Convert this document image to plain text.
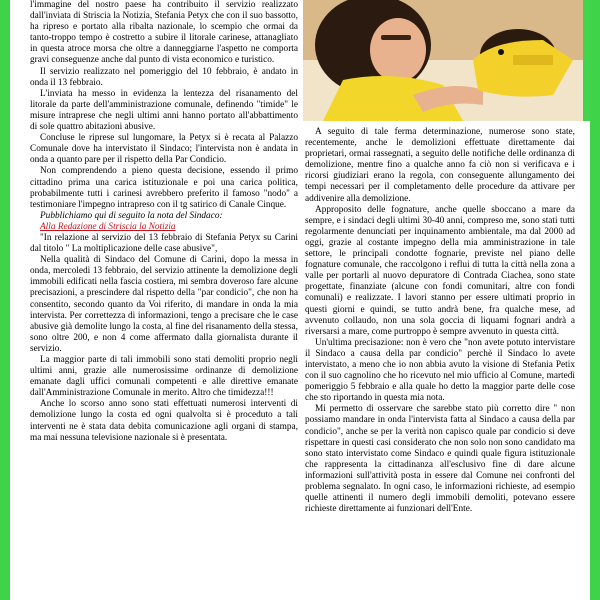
l'immagine del nostro paese ha contribuito il servizio realizzato dall'inviata di Striscia la Notizia, Stefania Petyx che con il suo bassotto, ha ripreso e portato alla ribalta nazionale, lo scempio che ormai da tanto-troppo tempo è costretto a subire il litorale carinese, attanagliato in questa atroce morsa che oltre a danneggiarne l'aspetto ne comporta gravi conseguenze anche dal punto di vista economico e turistico.

Il servizio realizzato nel pomeriggio del 10 febbraio, è andato in onda il 13 febbraio.

L'inviata ha messo in evidenza la lentezza del risanamento del litorale da parte dell'amministrazione comunale, definendo "timide" le misure intraprese che negli ultimi anni hanno portato all'abbattimento di sole quattro abitazioni abusive.

Concluse le riprese sul lungomare, la Petyx si è recata al Palazzo Comunale dove ha intervistato il Sindaco; l'intervista non è andata in onda a quanto pare per il rispetto della Par Condicio.

Non comprendendo a pieno questa decisione, essendo il primo cittadino prima una carica istituzionale e poi una carica politica, probabilmente tutti i carinesi avrebbero preferito il famoso "nodo" a testimoniare l'impegno intrapreso con il tg satirico di Canale Cinque.

Pubblichiamo qui di seguito la nota del Sindaco:

Alla Redazione di Striscia la Notizia

"In relazione al servizio del 13 febbraio di Stefania Petyx su Carini dal titolo " La moltiplicazione delle case abusive",

Nella qualità di Sindaco del Comune di Carini, dopo la messa in onda, mercoledì 13 febbraio, del servizio attinente la demolizione degli immobili edificati nella fascia costiera, mi sembra doveroso fare alcune precisazioni, a prescindere dal rispetto della "par condicio", che non ha consentito, secondo quanto da Voi riferito, di mandare in onda la mia intervista. Per correttezza di informazioni, tengo a precisare che le case abusive già demolite lungo la costa, al fine del risanamento della stessa, sono oltre 200, e non 4 come affermato dalla giornalista durante il servizio.

La maggior parte di tali immobili sono stati demoliti proprio negli ultimi anni, grazie alle numerosissime ordinanze di demolizione emanate dagli uffici comunali competenti e alle direttive emanate dall'Amministrazione Comunale in merito. Altro che timidezza!!!

Anche lo scorso anno sono stati effettuati numerosi interventi di demolizione lungo la costa ed ogni qualvolta si è proceduto a tali interventi ne è stata data debita comunicazione agli organi di stampa, ma mai nessuna televisione nazionale si è presentata.

A seguito di tale ferma determinazione, numerose sono state, recentemente, anche le demolizioni effettuate direttamente dai proprietari, ormai rassegnati, a seguito delle notifiche delle ordinanza di demolizione, mentre fino a qualche anno fa ciò non si verificava e i ricorsi giudiziari erano la regola, con conseguente allungamento dei tempi necessari per il completamento delle procedure da attivare per addivenire alla demolizione.

Approposito delle fognature, anche quelle sboccano a mare da sempre, e i sindaci degli ultimi 30-40 anni, compreso me, sono stati tutti regolarmente denunciati per inquinamento ambientale, ma dal 2000 ad oggi, grazie al costante impegno della mia amministrazione in tale settore, le principali condotte fognarie, previste nel piano delle fognature comunale, che raccolgono i reflui di tutta la città nella zona a valle per portarli al nuovo depuratore di Contrada Ciachea, sono state progettate, finanziate (alcune con fondi comunitari, altre con fondi comunali) e realizzate. I lavori stanno per essere ultimati proprio in questi giorni e quindi, se tutto andrà bene, fra qualche mese, ad avvenuto collaudo, non una sola goccia di liquami fognari andrà a riversarsi a mare, come purtroppo è sempre avvenuto in questa città.

Un'ultima precisazione: non è vero che "non avete potuto intervistare il Sindaco a causa della par condicio" perchè il Sindaco lo avete intervistato, a meno che io non abbia avuto la visione di Stefania Petix con il suo cagnolino che ho ricevuto nel mio ufficio al Comune, martedì pomeriggio 5 febbraio e alla quale ho detto la maggior parte delle cose che sto riportando in questa mia nota.

Mi permetto di osservare che sarebbe stato più corretto dire " non possiamo mandare in onda l'intervista fatta al Sindaco a causa della par condicio", anche se per la verità non capisco quale par condicio si deve rispettare in questi casi considerato che non solo non sono candidato ma sono stato intervistato come Sindaco e quindi quale figura istituzionale che rappresenta la cittadinanza all'esclusivo fine di dare alcune informazioni sull'attività posta in essere dal Comune nei confronti del problema segnalato. In ogni caso, le informazioni richieste, ad esempio quelle attinenti il numero degli immobili demoliti, potevano essere richieste direttamente ai funzionari dell'Ente.
